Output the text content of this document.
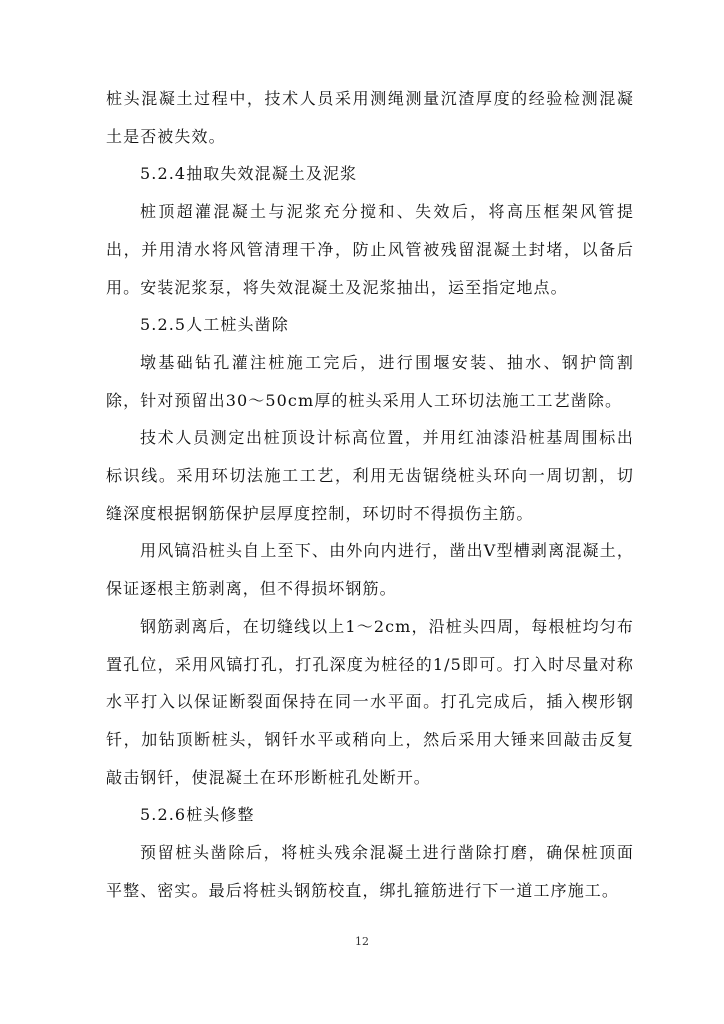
桩头混凝土过程中，技术人员采用测绳测量沉渣厚度的经验检测混凝土是否被失效。

5.2.4抽取失效混凝土及泥浆

桩顶超灌混凝土与泥浆充分搅和、失效后，将高压框架风管提出，并用清水将风管清理干净，防止风管被残留混凝土封堵，以备后用。安装泥浆泵，将失效混凝土及泥浆抽出，运至指定地点。

5.2.5人工桩头凿除

墩基础钻孔灌注桩施工完后，进行围堰安装、抽水、钢护筒割除，针对预留出30～50cm厚的桩头采用人工环切法施工工艺凿除。

技术人员测定出桩顶设计标高位置，并用红油漆沿桩基周围标出标识线。采用环切法施工工艺，利用无齿锯绕桩头环向一周切割，切缝深度根据钢筋保护层厚度控制，环切时不得损伤主筋。

用风镐沿桩头自上至下、由外向内进行，凿出V型槽剥离混凝土，保证逐根主筋剥离，但不得损坏钢筋。

钢筋剥离后，在切缝线以上1～2cm，沿桩头四周，每根桩均匀布置孔位，采用风镐打孔，打孔深度为桩径的1/5即可。打入时尽量对称水平打入以保证断裂面保持在同一水平面。打孔完成后，插入楔形钢钎，加钻顶断桩头，钢钎水平或稍向上，然后采用大锤来回敲击反复敲击钢钎，使混凝土在环形断桩孔处断开。

5.2.6桩头修整

预留桩头凿除后，将桩头残余混凝土进行凿除打磨，确保桩顶面平整、密实。最后将桩头钢筋校直，绑扎箍筋进行下一道工序施工。

12
